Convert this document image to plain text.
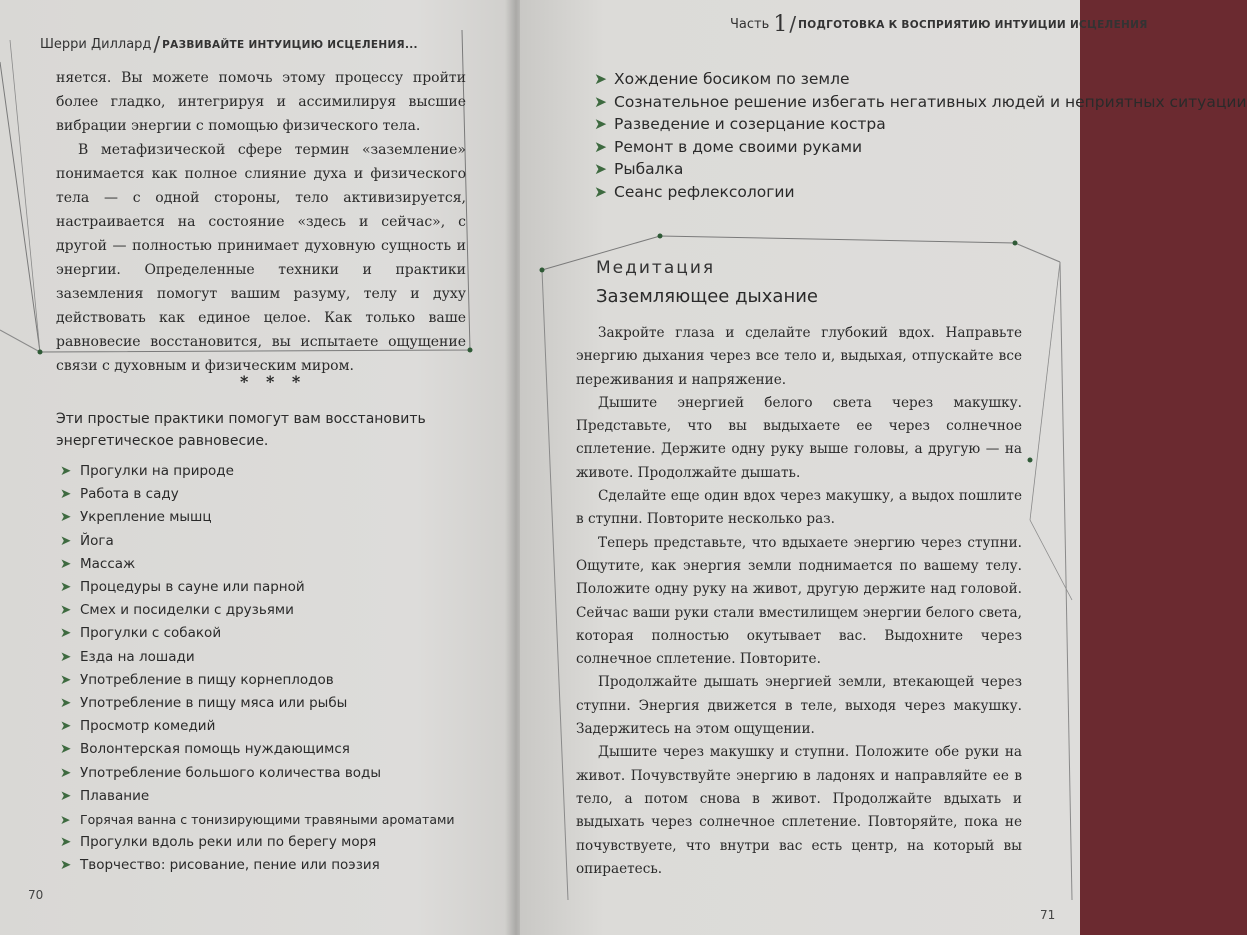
Шерри Диллард / РАЗВИВАЙТЕ ИНТУИЦИЮ ИСЦЕЛЕНИЯ...

няется. Вы можете помочь этому процессу пройти более гладко, интегрируя и ассимилируя высшие вибрации энергии с помощью физического тела.

В метафизической сфере термин «заземление» понимается как полное слияние духа и физического тела — с одной стороны, тело активизируется, настраивается на состояние «здесь и сейчас», с другой — полностью принимает духовную сущность и энергии. Определенные техники и практики заземления помогут вашим разуму, телу и духу действовать как единое целое. Как только ваше равновесие восстановится, вы испытаете ощущение связи с духовным и физическим миром.

* * *
Эти простые практики помогут вам восстановить энергетическое равновесие.
➤ Прогулки на природе
➤ Работа в саду
➤ Укрепление мышц
➤ Йога
➤ Массаж
➤ Процедуры в сауне или парной
➤ Смех и посиделки с друзьями
➤ Прогулки с собакой
➤ Езда на лошади
➤ Употребление в пищу корнеплодов
➤ Употребление в пищу мяса или рыбы
➤ Просмотр комедий
➤ Волонтерская помощь нуждающимся
➤ Употребление большого количества воды
➤ Плавание
➤ Горячая ванна с тонизирующими травяными ароматами
➤ Прогулки вдоль реки или по берегу моря
➤ Творчество: рисование, пение или поэзия
70
Часть 1 / ПОДГОТОВКА К ВОСПРИЯТИЮ ИНТУИЦИИ ИСЦЕЛЕНИЯ
➤ Хождение босиком по земле
➤ Сознательное решение избегать негативных людей и неприятных ситуации
➤ Разведение и созерцание костра
➤ Ремонт в доме своими руками
➤ Рыбалка
➤ Сеанс рефлексологии
Медитация
Заземляющее дыхание

Закройте глаза и сделайте глубокий вдох. Направьте энергию дыхания через все тело и, выдыхая, отпускайте все переживания и напряжение.

Дышите энергией белого света через макушку. Представьте, что вы выдыхаете ее через солнечное сплетение. Держите одну руку выше головы, а другую — на животе. Продолжайте дышать.

Сделайте еще один вдох через макушку, а выдох пошлите в ступни. Повторите несколько раз.

Теперь представьте, что вдыхаете энергию через ступни. Ощутите, как энергия земли поднимается по вашему телу. Положите одну руку на живот, другую держите над головой. Сейчас ваши руки стали вместилищем энергии белого света, которая полностью окутывает вас. Выдохните через солнечное сплетение. Повторите.

Продолжайте дышать энергией земли, втекающей через ступни. Энергия движется в теле, выходя через макушку. Задержитесь на этом ощущении.

Дышите через макушку и ступни. Положите обе руки на живот. Почувствуйте энергию в ладонях и направляйте ее в тело, а потом снова в живот. Продолжайте вдыхать и выдыхать через солнечное сплетение. Повторяйте, пока не почувствуете, что внутри вас есть центр, на который вы опираетесь.

71
